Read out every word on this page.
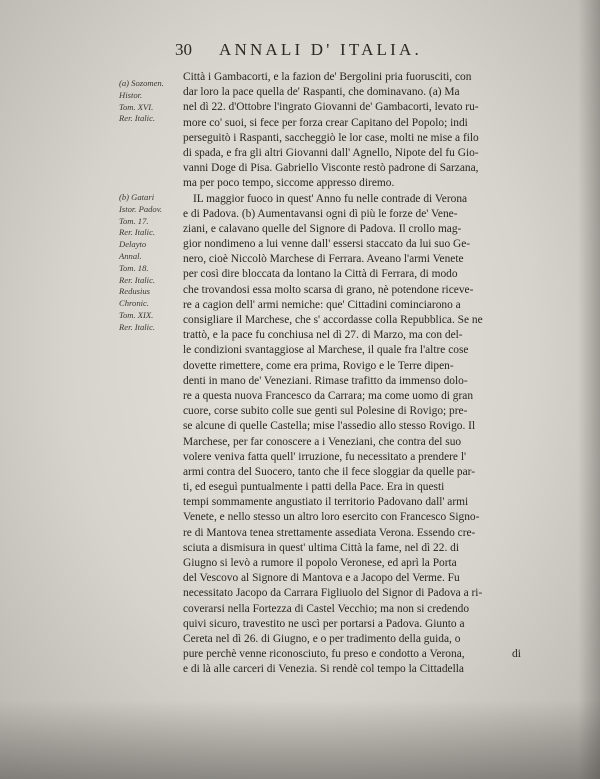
30 ANNALI D' ITALIA.
(a) Sozomen.
Histor.
Tom. XVI.
Rer. Italic.
(b) Gatari
Istor. Padov.
Tom. 17.
Rer. Italic.
Delayto
Annal.
Tom. 18.
Rer. Italic.
Redusius
Chronic.
Tom. XIX.
Rer. Italic.
Città i Gambacorti, e la fazion de' Bergolini pria fuorusciti, con
dar loro la pace quella de' Raspanti, che dominavano. (a) Ma
nel dì 22. d'Ottobre l'ingrato Giovanni de' Gambacorti, levato ru-
more co' suoi, si fece per forza crear Capitano del Popolo; indi
perseguitò i Raspanti, saccheggiò le lor case, molti ne mise a filo
di spada, e fra gli altri Giovanni dall' Agnello, Nipote del fu Gio-
vanni Doge di Pisa. Gabriello Visconte restò padrone di Sarzana,
ma per poco tempo, siccome appresso diremo.
IL maggior fuoco in quest' Anno fu nelle contrade di Verona
e di Padova. (b) Aumentavansi ogni dì più le forze de' Vene-
ziani, e calavano quelle del Signore di Padova. Il crollo mag-
gior nondimeno a lui venne dall' essersi staccato da lui suo Ge-
nero, cioè Niccolò Marchese di Ferrara. Aveano l'armi Venete
per così dire bloccata da lontano la Città di Ferrara, di modo
che trovandosi essa molto scarsa di grano, nè potendone riceve-
re a cagion dell' armi nemiche: que' Cittadini cominciarono a
consigliare il Marchese, che s' accordasse colla Repubblica. Se ne
trattò, e la pace fu conchiusa nel dì 27. di Marzo, ma con del-
le condizioni svantaggiose al Marchese, il quale fra l'altre cose
dovette rimettere, come era prima, Rovigo e le Terre dipen-
denti in mano de' Veneziani. Rimase trafitto da immenso dolo-
re a questa nuova Francesco da Carrara; ma come uomo di gran
cuore, corse subito colle sue genti sul Polesine di Rovigo; pre-
se alcune di quelle Castella; mise l'assedio allo stesso Rovigo. Il
Marchese, per far conoscere a i Veneziani, che contra del suo
volere veniva fatta quell' irruzione, fu necessitato a prendere l'
armi contra del Suocero, tanto che il fece sloggiar da quelle par-
ti, ed eseguì puntualmente i patti della Pace. Era in questi
tempi sommamente angustiato il territorio Padovano dall' armi
Venete, e nello stesso un altro loro esercito con Francesco Signo-
re di Mantova tenea strettamente assediata Verona. Essendo cre-
sciuta a dismisura in quest' ultima Città la fame, nel dì 22. di
Giugno si levò a rumore il popolo Veronese, ed aprì la Porta
del Vescovo al Signore di Mantova e a Jacopo del Verme. Fu
necessitato Jacopo da Carrara Figliuolo del Signor di Padova a ri-
coverarsi nella Fortezza di Castel Vecchio; ma non si credendo
quivi sicuro, travestito ne uscì per portarsi a Padova. Giunto a
Cereta nel dì 26. di Giugno, e o per tradimento della guida, o
pure perchè venne riconosciuto, fu preso e condotto a Verona,
e di là alle carceri di Venezia. Si rendè col tempo la Cittadella
di
